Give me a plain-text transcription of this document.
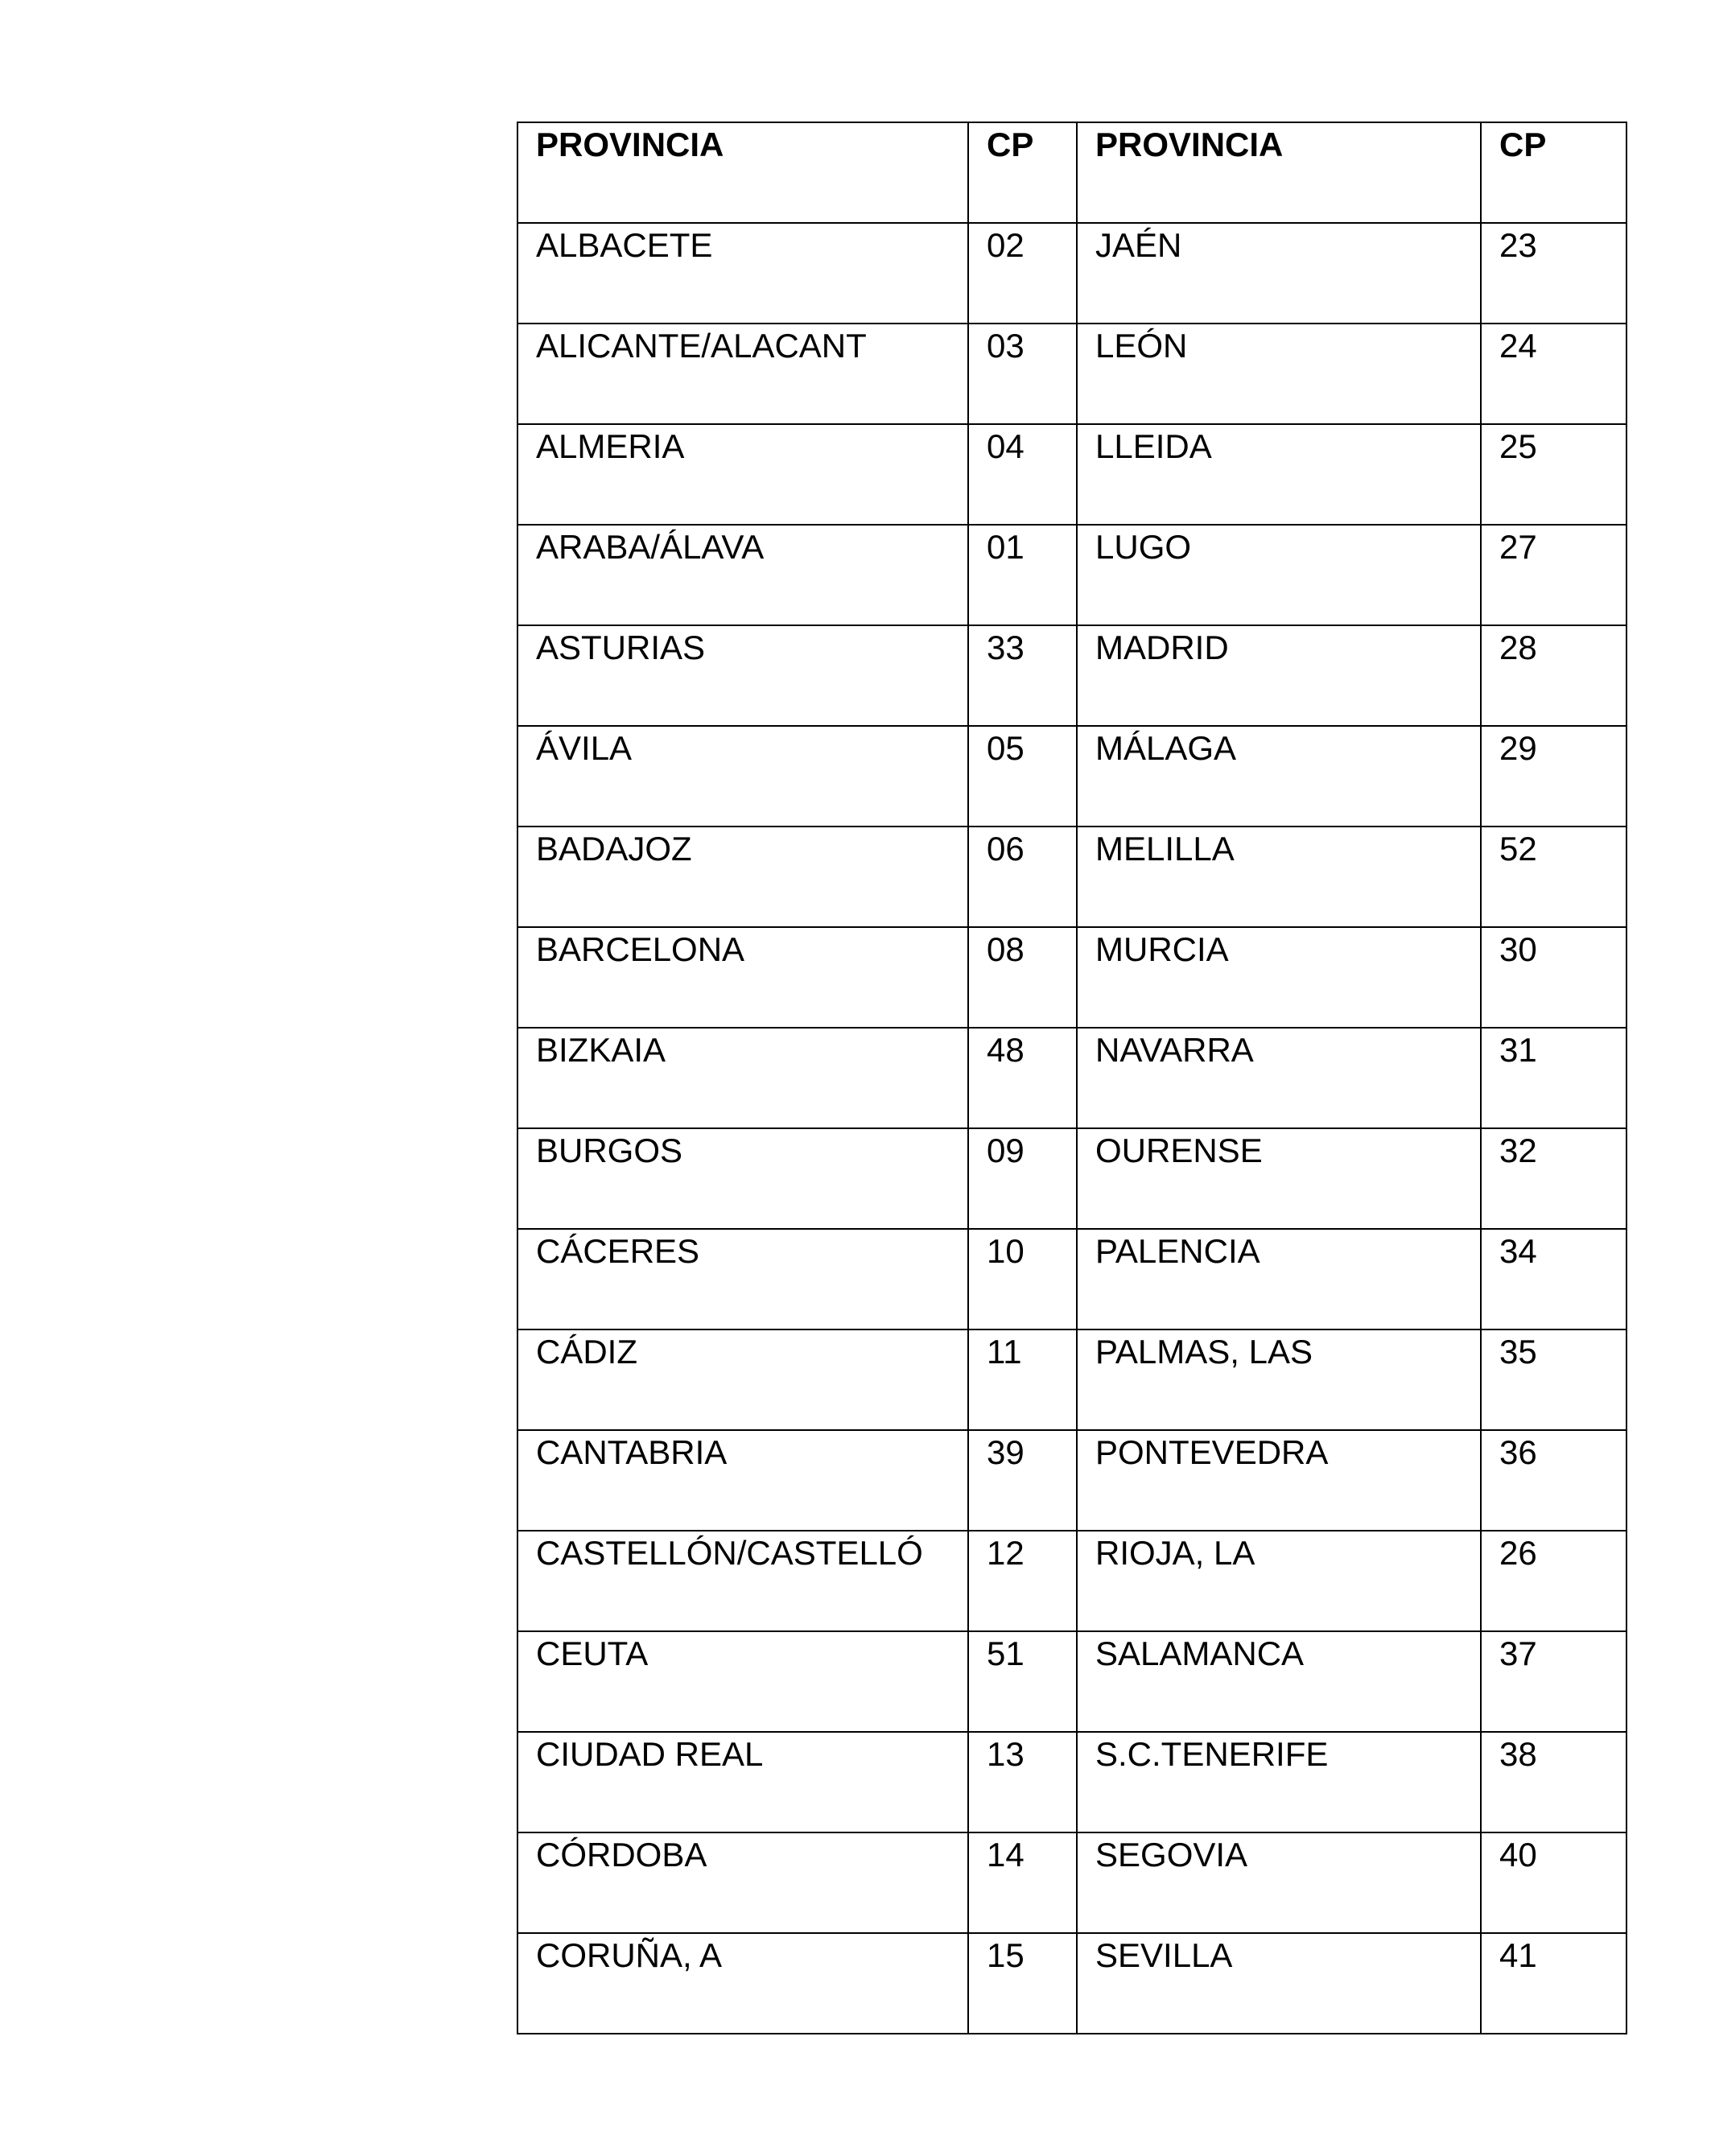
PROVINCIA	CP	PROVINCIA	CP
ALBACETE	02	JAÉN	23
ALICANTE/ALACANT	03	LEÓN	24
ALMERIA	04	LLEIDA	25
ARABA/ÁLAVA	01	LUGO	27
ASTURIAS	33	MADRID	28
ÁVILA	05	MÁLAGA	29
BADAJOZ	06	MELILLA	52
BARCELONA	08	MURCIA	30
BIZKAIA	48	NAVARRA	31
BURGOS	09	OURENSE	32
CÁCERES	10	PALENCIA	34
CÁDIZ	11	PALMAS, LAS	35
CANTABRIA	39	PONTEVEDRA	36
CASTELLÓN/CASTELLÓ	12	RIOJA, LA	26
CEUTA	51	SALAMANCA	37
CIUDAD REAL	13	S.C.TENERIFE	38
CÓRDOBA	14	SEGOVIA	40
CORUÑA, A	15	SEVILLA	41
